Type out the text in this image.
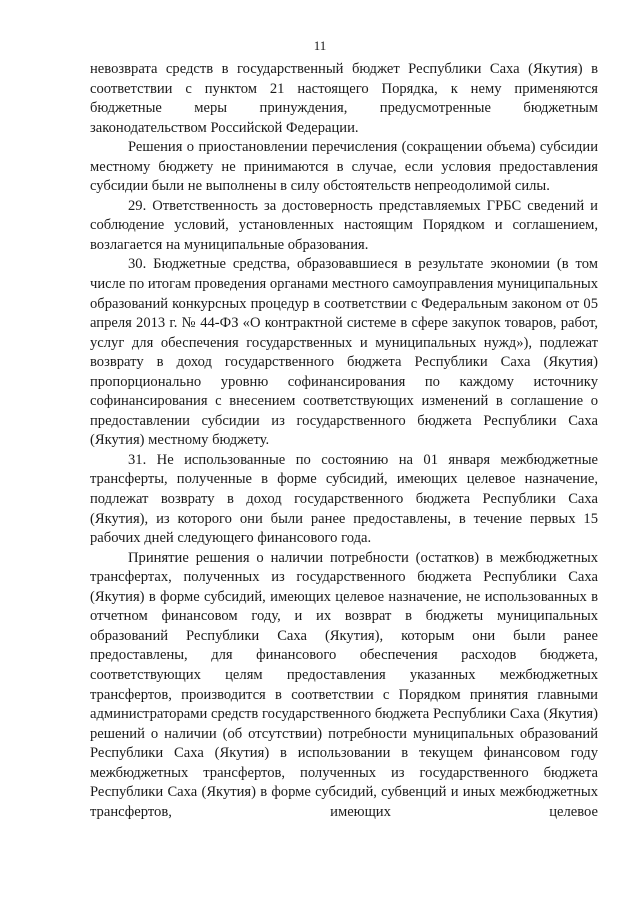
11

невозврата средств в государственный бюджет Республики Саха (Якутия) в соответствии с пунктом 21 настоящего Порядка, к нему применяются бюджетные меры принуждения, предусмотренные бюджетным законодательством Российской Федерации.

Решения о приостановлении перечисления (сокращении объема) субсидии местному бюджету не принимаются в случае, если условия предоставления субсидии были не выполнены в силу обстоятельств непреодолимой силы.

29. Ответственность за достоверность представляемых ГРБС сведений и соблюдение условий, установленных настоящим Порядком и соглашением, возлагается на муниципальные образования.

30. Бюджетные средства, образовавшиеся в результате экономии (в том числе по итогам проведения органами местного самоуправления муниципальных образований конкурсных процедур в соответствии с Федеральным законом от 05 апреля 2013 г. № 44-ФЗ «О контрактной системе в сфере закупок товаров, работ, услуг для обеспечения государственных и муниципальных нужд»), подлежат возврату в доход государственного бюджета Республики Саха (Якутия) пропорционально уровню софинансирования по каждому источнику софинансирования с внесением соответствующих изменений в соглашение о предоставлении субсидии из государственного бюджета Республики Саха (Якутия) местному бюджету.

31. Не использованные по состоянию на 01 января межбюджетные трансферты, полученные в форме субсидий, имеющих целевое назначение, подлежат возврату в доход государственного бюджета Республики Саха (Якутия), из которого они были ранее предоставлены, в течение первых 15 рабочих дней следующего финансового года.

Принятие решения о наличии потребности (остатков) в межбюджетных трансфертах, полученных из государственного бюджета Республики Саха (Якутия) в форме субсидий, имеющих целевое назначение, не использованных в отчетном финансовом году, и их возврат в бюджеты муниципальных образований Республики Саха (Якутия), которым они были ранее предоставлены, для финансового обеспечения расходов бюджета, соответствующих целям предоставления указанных межбюджетных трансфертов, производится в соответствии с Порядком принятия главными администраторами средств государственного бюджета Республики Саха (Якутия) решений о наличии (об отсутствии) потребности муниципальных образований Республики Саха (Якутия) в использовании в текущем финансовом году межбюджетных трансфертов, полученных из государственного бюджета Республики Саха (Якутия) в форме субсидий, субвенций и иных межбюджетных трансфертов, имеющих целевое
